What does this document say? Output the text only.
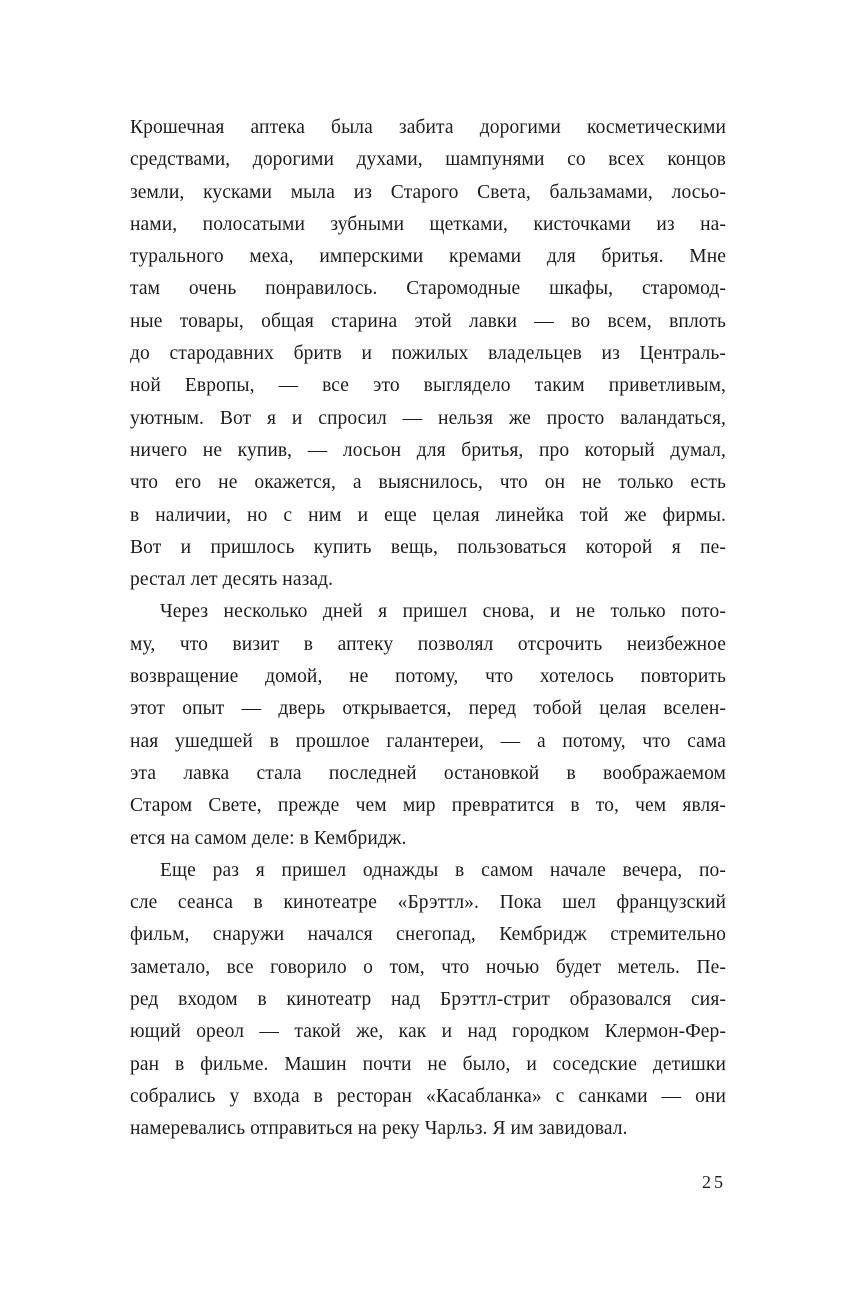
Крошечная аптека была забита дорогими косметическими
средствами, дорогими духами, шампунями со всех концов
земли, кусками мыла из Старого Света, бальзамами, лосьо-
нами, полосатыми зубными щетками, кисточками из на-
турального меха, имперскими кремами для бритья. Мне
там очень понравилось. Старомодные шкафы, старомод-
ные товары, общая старина этой лавки — во всем, вплоть
до стародавних бритв и пожилых владельцев из Централь-
ной Европы, — все это выглядело таким приветливым,
уютным. Вот я и спросил — нельзя же просто валандаться,
ничего не купив, — лосьон для бритья, про который думал,
что его не окажется, а выяснилось, что он не только есть
в наличии, но с ним и еще целая линейка той же фирмы.
Вот и пришлось купить вещь, пользоваться которой я пе-
рестал лет десять назад.
Через несколько дней я пришел снова, и не только пото-
му, что визит в аптеку позволял отсрочить неизбежное
возвращение домой, не потому, что хотелось повторить
этот опыт — дверь открывается, перед тобой целая вселен-
ная ушедшей в прошлое галантереи, — а потому, что сама
эта лавка стала последней остановкой в воображаемом
Старом Свете, прежде чем мир превратится в то, чем явля-
ется на самом деле: в Кембридж.
Еще раз я пришел однажды в самом начале вечера, по-
сле сеанса в кинотеатре «Брэттл». Пока шел французский
фильм, снаружи начался снегопад, Кембридж стремительно
заметало, все говорило о том, что ночью будет метель. Пе-
ред входом в кинотеатр над Брэттл-стрит образовался сия-
ющий ореол — такой же, как и над городком Клермон-Фер-
ран в фильме. Машин почти не было, и соседские детишки
собрались у входа в ресторан «Касабланка» с санками — они
намеревались отправиться на реку Чарльз. Я им завидовал.
25
